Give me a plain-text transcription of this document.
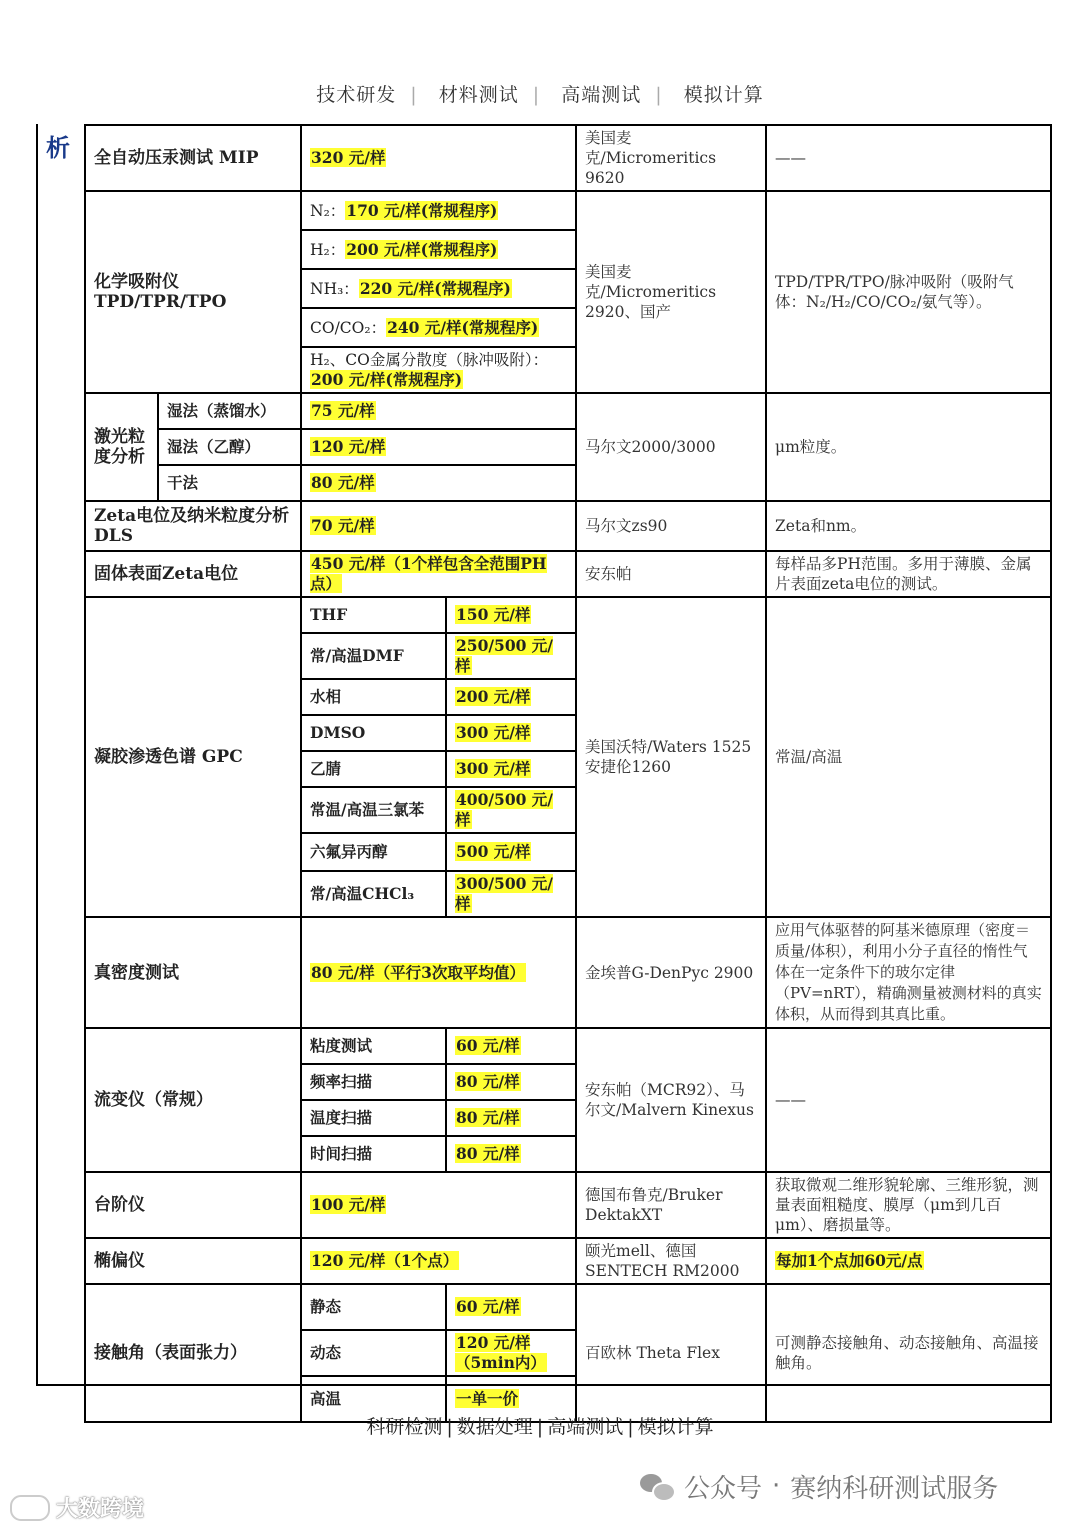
技术研发 | 材料测试 | 高端测试 | 模拟计算
析 全自动压汞测试 MIP		320 元/样		美国麦克/Micromeritics 9620	——
化学吸附仪 TPD/TPR/TPO		N₂：170 元/样(常规程序)		美国麦克/Micromeritics 2920、国产	TPD/TPR/TPO/脉冲吸附（吸附气体：N₂/H₂/CO/CO₂/氨气等）。
		H₂：200 元/样(常规程序)			
		NH₃：220 元/样(常规程序)			
		CO/CO₂：240 元/样(常规程序)			
		H₂、CO金属分散度（脉冲吸附）：
200 元/样(常规程序)			
激光粒度分析	湿法（蒸馏水）	75 元/样		马尔文2000/3000	μm粒度。
	湿法（乙醇）	120 元/样			
	干法	80 元/样			
Zeta电位及纳米粒度分析 DLS		70 元/样		马尔文zs90	Zeta和nm。
固体表面Zeta电位		450 元/样（1个样包含全范围PH点）		安东帕	每样品多PH范围。多用于薄膜、金属片表面zeta电位的测试。
凝胶渗透色谱 GPC		THF	150 元/样	美国沃特/Waters 1525 安捷伦1260	常温/高温
		常/高温DMF	250/500 元/样		
		水相	200 元/样		
		DMSO	300 元/样		
		乙腈	300 元/样		
		常温/高温三氯苯	400/500 元/样		
		六氟异丙醇	500 元/样		
		常/高温CHCl₃	300/500 元/样		
真密度测试		80 元/样（平行3次取平均值）		金埃普G-DenPyc 2900	应用气体驱替的阿基米德原理（密度＝质量/体积），利用小分子直径的惰性气体在一定条件下的玻尔定律（PV=nRT），精确测量被测材料的真实体积，从而得到其真比重。
流变仪（常规）		粘度测试	60 元/样	安东帕（MCR92）、马尔文/Malvern Kinexus	——
		频率扫描	80 元/样		
		温度扫描	80 元/样		
		时间扫描	80 元/样		
台阶仪		100 元/样		德国布鲁克/Bruker DektakXT	获取微观二维形貌轮廓、三维形貌，测量表面粗糙度、膜厚（μm到几百μm）、磨损量等。
椭偏仪		120 元/样（1个点）		颐光mell、德国SENTECH RM2000	每加1个点加60元/点
接触角（表面张力）		静态	60 元/样	百欧林 Theta Flex	可测静态接触角、动态接触角、高温接触角。
		动态	120 元/样（5min内）		
		高温	一单一价		
科研检测 | 数据处理 | 高端测试 | 模拟计算
公众号 · 赛纳科研测试服务
大数跨境
